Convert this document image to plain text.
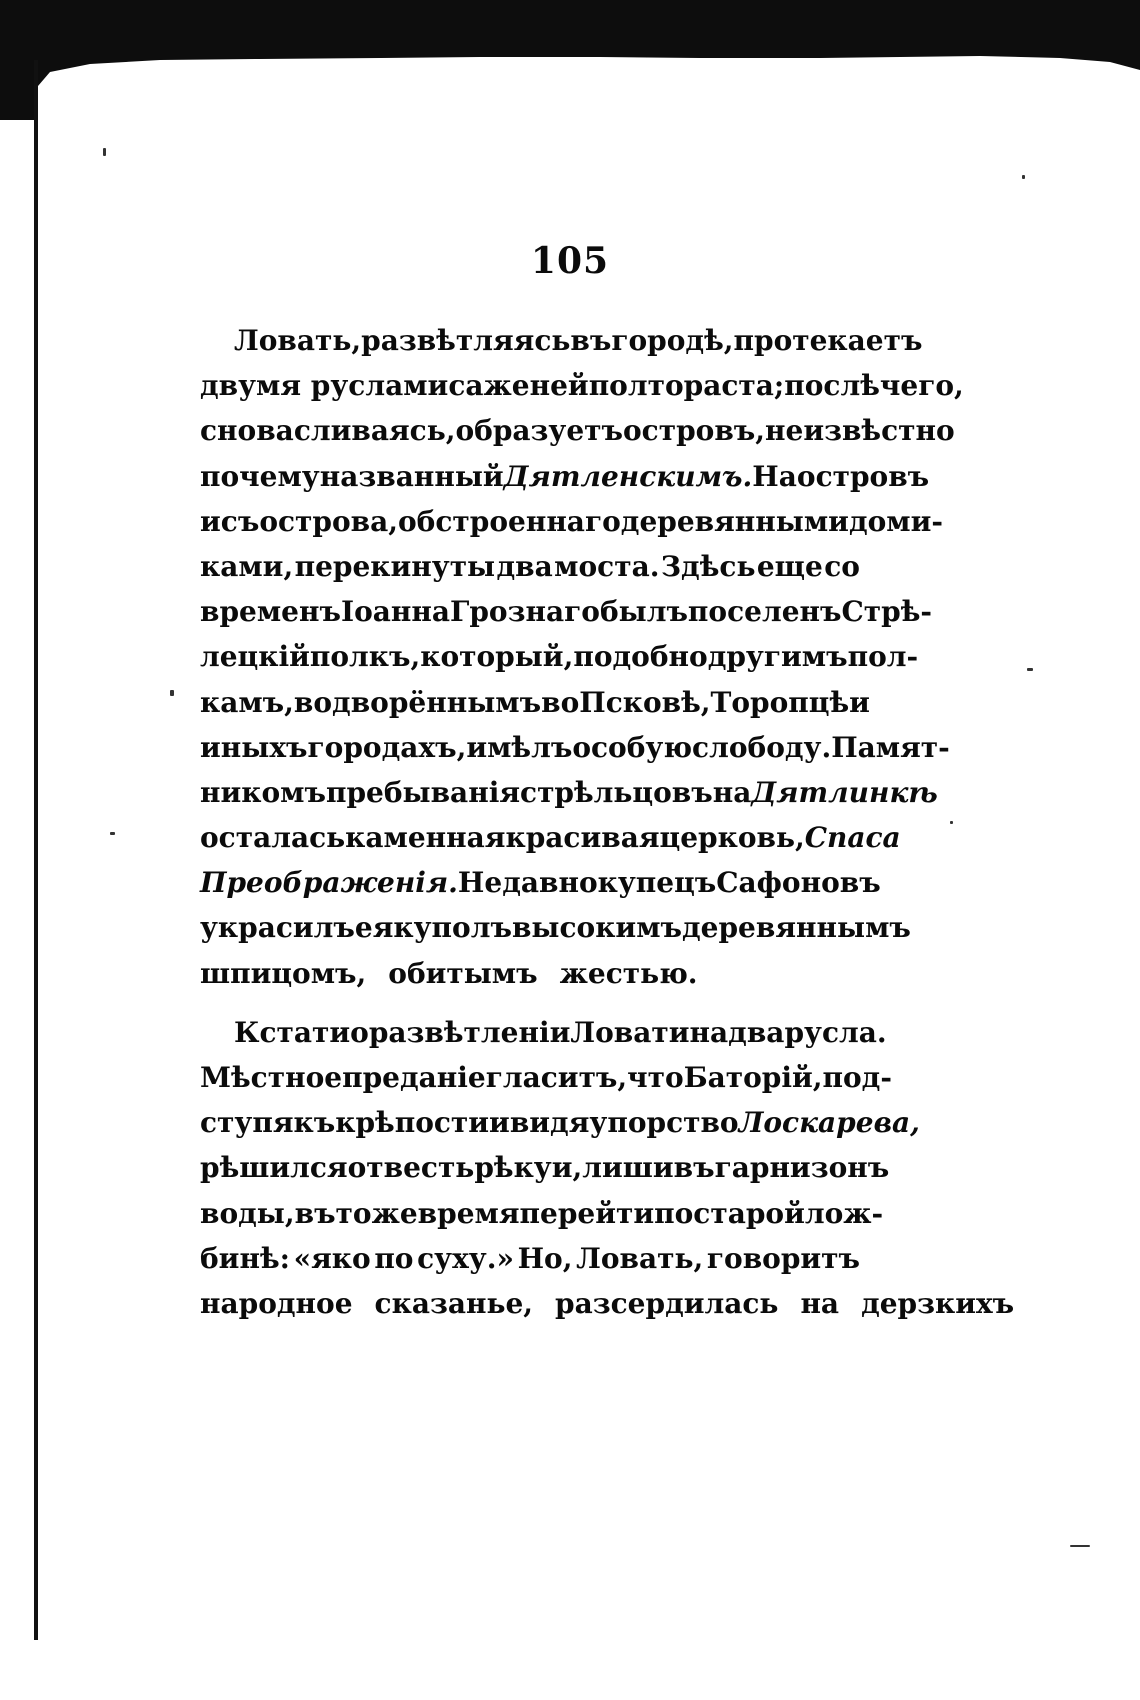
105
Ловать, развѣтляясь въ городѣ, протекаетъ
двумя руслами саженей полтораста; послѣ чего,
снова сливаясь, образуетъ островъ, неизвѣстно
почему названный Дятленскимъ. На островъ
и съ острова, обстроеннаго деревянными доми-
ками, перекинуты два моста. Здѣсь еще со
временъ Іоанна Грознаго былъ поселенъ Стрѣ-
лецкій полкъ, который, подобно другимъ пол-
камъ, водворённымъ во Псковѣ, Торопцѣ и
иныхъ городахъ, имѣлъ особую слободу. Памят-
никомъ пребыванія стрѣльцовъ на Дятлинкѣ
осталась каменная красивая церковь, Спаса
Преображенія. Недавно купецъ Сафоновъ
украсилъ ея куполъ высокимъ деревяннымъ
шпицомъ, обитымъ жестью.
Кстати о развѣтленіи Ловати на два русла.
Мѣстное преданіе гласитъ, что Баторій, под-
ступя къ крѣпости и видя упорство Лоскарева,
рѣшился отвесть рѣку и, лишивъ гарнизонъ
воды, въ тоже время перейти по старой лож-
бинѣ: «яко по суху.» Но, Ловать, говоритъ
народное сказанье, разсердилась на дерзкихъ
